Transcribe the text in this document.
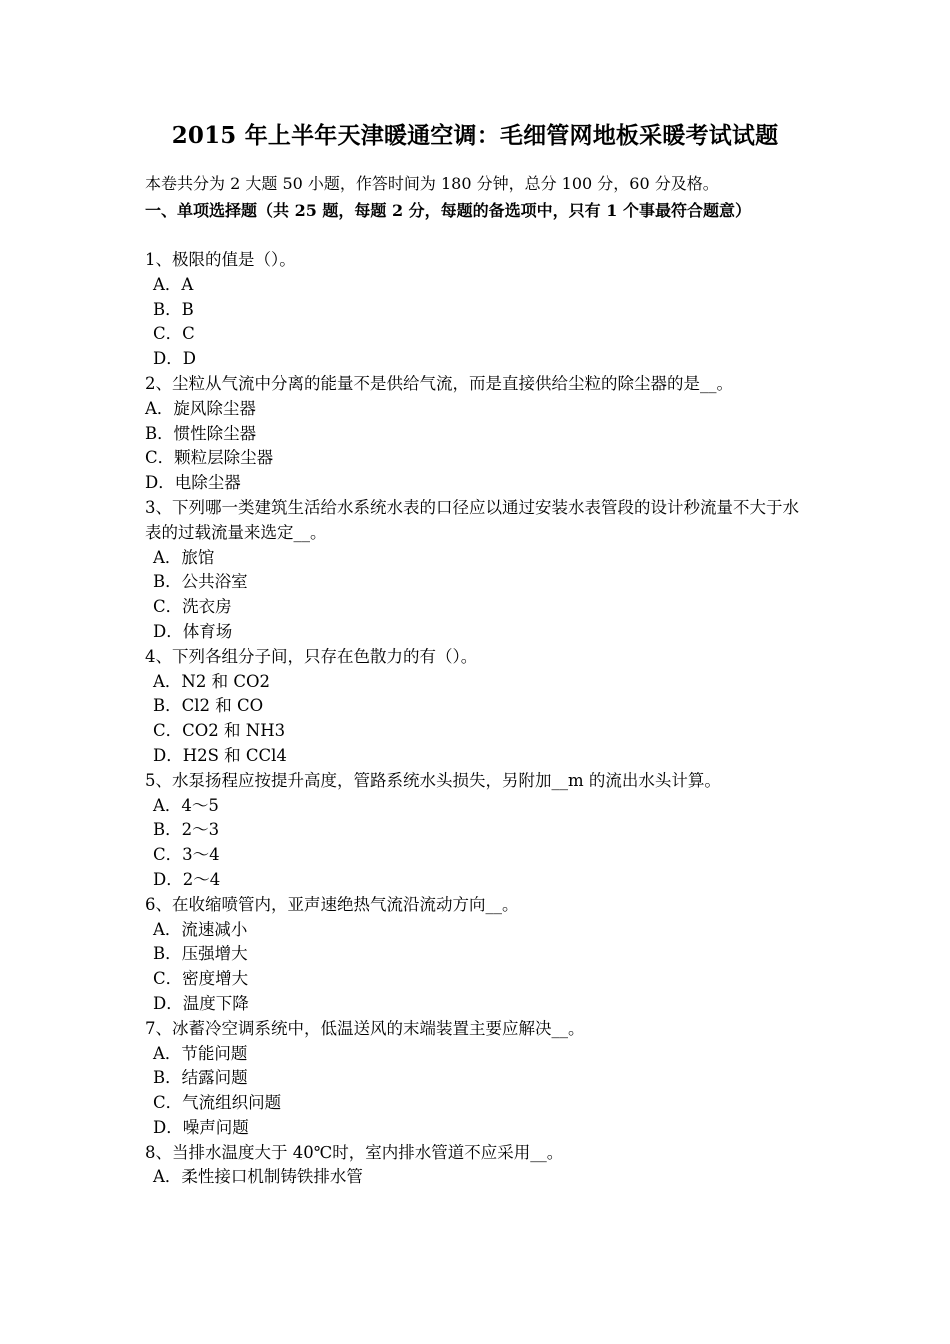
2015 年上半年天津暖通空调：毛细管网地板采暖考试试题
本卷共分为 2 大题 50 小题，作答时间为 180 分钟，总分 100 分，60 分及格。
一、单项选择题（共 25 题，每题 2 分，每题的备选项中，只有 1 个事最符合题意）
1、极限的值是（）。
A．A
B．B
C．C
D．D
2、尘粒从气流中分离的能量不是供给气流，而是直接供给尘粒的除尘器的是__。
A．旋风除尘器
B．惯性除尘器
C．颗粒层除尘器
D．电除尘器
3、下列哪一类建筑生活给水系统水表的口径应以通过安装水表管段的设计秒流量不大于水表的过载流量来选定__。
A．旅馆
B．公共浴室
C．洗衣房
D．体育场
4、下列各组分子间，只存在色散力的有（）。
A．N2 和 CO2
B．Cl2 和 CO
C．CO2 和 NH3
D．H2S 和 CCl4
5、水泵扬程应按提升高度，管路系统水头损失，另附加__m 的流出水头计算。
A．4～5
B．2～3
C．3～4
D．2～4
6、在收缩喷管内，亚声速绝热气流沿流动方向__。
A．流速减小
B．压强增大
C．密度增大
D．温度下降
7、冰蓄冷空调系统中，低温送风的末端装置主要应解决__。
A．节能问题
B．结露问题
C．气流组织问题
D．噪声问题
8、当排水温度大于 40℃时，室内排水管道不应采用__。
A．柔性接口机制铸铁排水管
